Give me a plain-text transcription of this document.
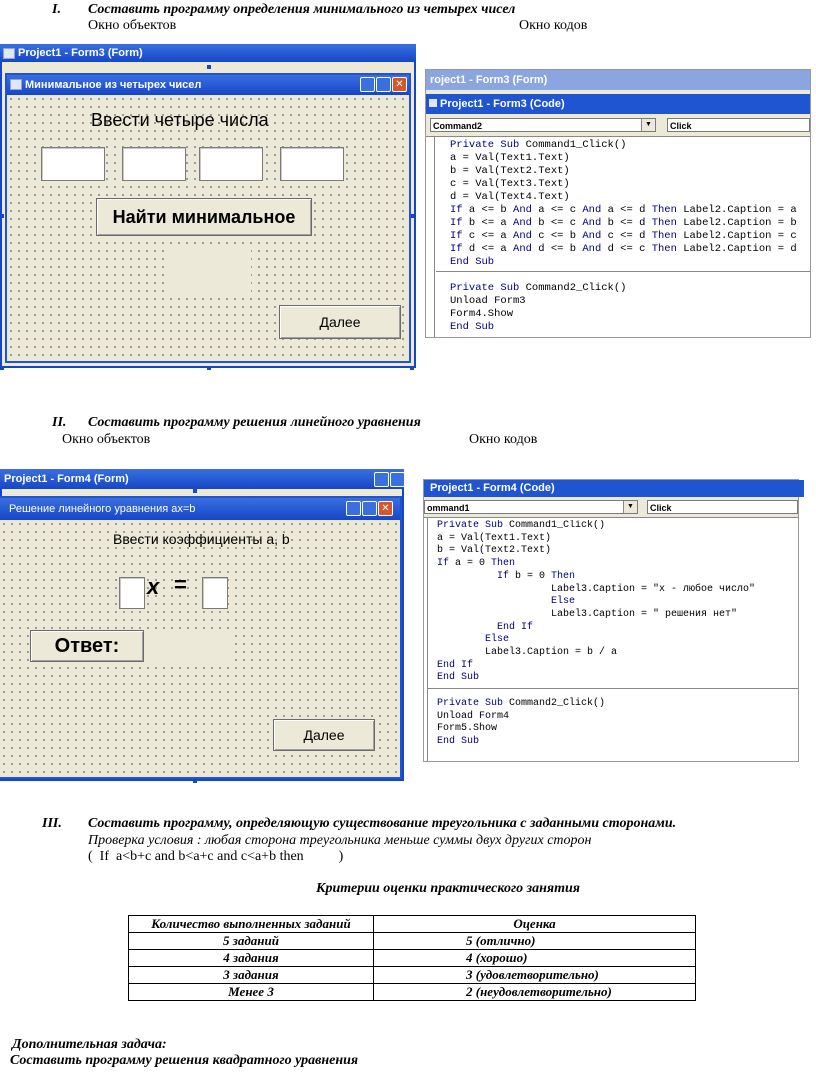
I. Составить программу определения минимального из четырех чисел
Окно объектов	Окно кодов
Project1 - Form3 (Form)
Минимальное из четырех чисел	✕
Ввести четыре числа
Найти минимальное
Далее
roject1 - Form3 (Form)
Project1 - Form3 (Code)
Command2	▼	Click
Private Sub Command1_Click()
a = Val(Text1.Text)
b = Val(Text2.Text)
c = Val(Text3.Text)
d = Val(Text4.Text)
If a <= b And a <= c And a <= d Then Label2.Caption = a
If b <= a And b <= c And b <= d Then Label2.Caption = b
If c <= a And c <= b And c <= d Then Label2.Caption = c
If d <= a And d <= b And d <= c Then Label2.Caption = d
End Sub

Private Sub Command2_Click()
Unload Form3
Form4.Show
End Sub
II. Составить программу решения линейного уравнения
Окно объектов	Окно кодов
Project1 - Form4 (Form)
Решение линейного уравнения ax=b	✕
Ввести коэффициенты a, b
x =
Ответ:
Далее
Project1 - Form4 (Code)
ommand1	▼	Click
Private Sub Command1_Click()
a = Val(Text1.Text)
b = Val(Text2.Text)
If a = 0 Then
If b = 0 Then
Label3.Caption = "x - любое число"
Else
Label3.Caption = " решения нет"
End If
Else
Label3.Caption = b / a
End If
End Sub

Private Sub Command2_Click()
Unload Form4
Form5.Show
End Sub
III. Составить программу, определяющую существование треугольника с заданными сторонами.
Проверка условия : любая сторона треугольника меньше суммы двух других сторон
(  If  a<b+c and b<a+c and c<a+b then          )
Критерии оценки практического занятия
Количество выполненных заданий	Оценка
5 заданий	5 (отлично)
4 задания	4 (хорошо)
3 задания	3 (удовлетворительно)
Менее 3	2 (неудовлетворительно)
Дополнительная задача:
Составить программу решения квадратного уравнения
